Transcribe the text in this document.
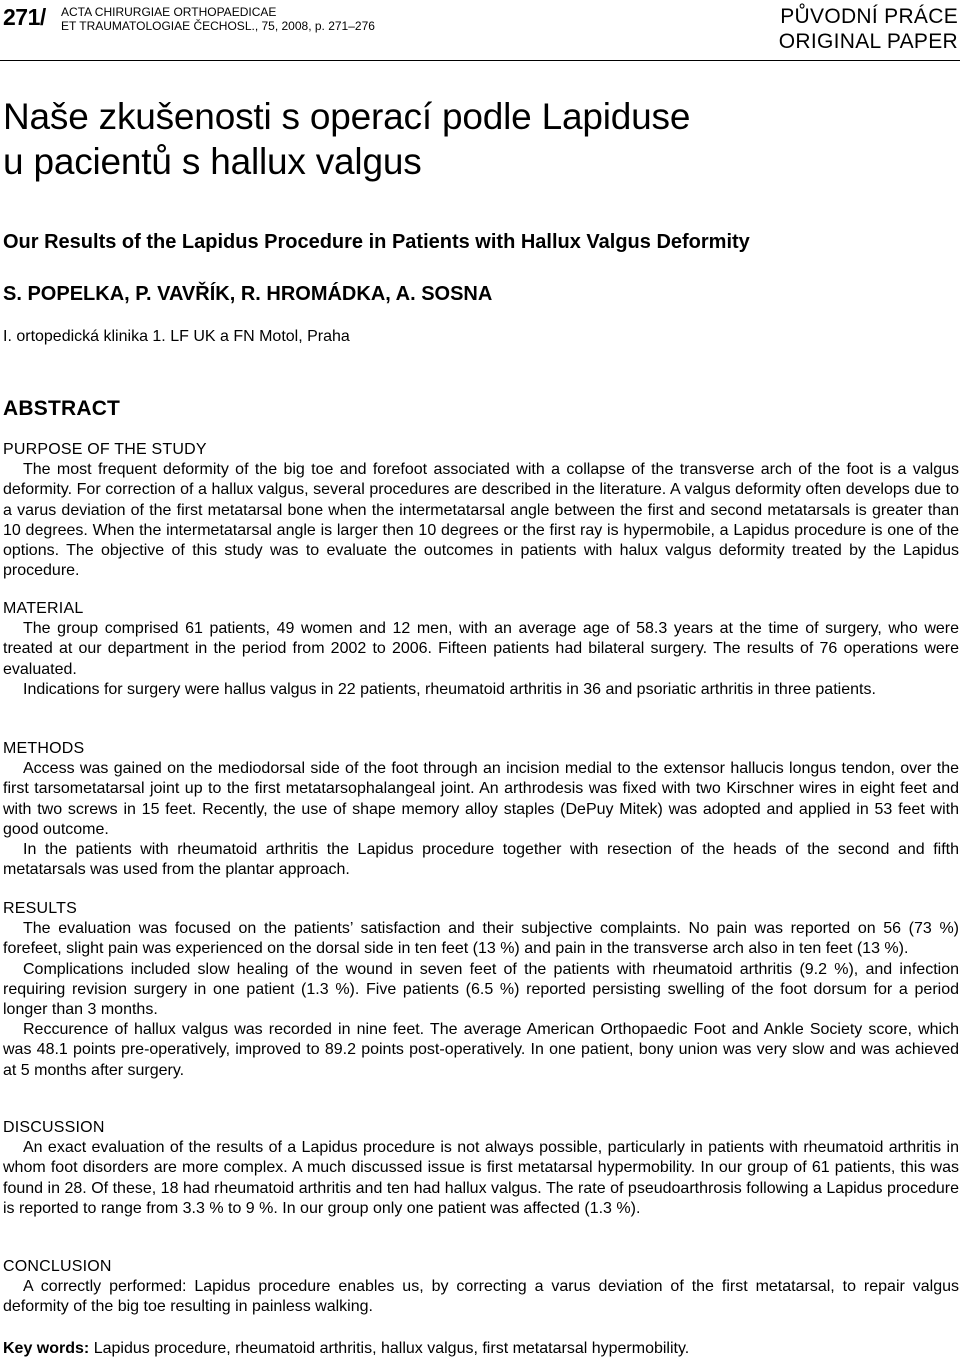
271/ ACTA CHIRURGIAE ORTHOPAEDICAE
ET TRAUMATOLOGIAE ČECHOSL., 75, 2008, p. 271–276	PŮVODNÍ PRÁCE
ORIGINAL PAPER
Naše zkušenosti s operací podle Lapiduse
u pacientů s hallux valgus
Our Results of the Lapidus Procedure in Patients with Hallux Valgus Deformity
S. POPELKA, P. VAVŘÍK, R. HROMÁDKA, A. SOSNA
I. ortopedická klinika 1. LF UK a FN Motol, Praha
ABSTRACT
PURPOSE OF THE STUDY
The most frequent deformity of the big toe and forefoot associated with a collapse of the transverse arch of the foot is a valgus deformity. For correction of a hallux valgus, several procedures are described in the literature. A valgus deformity often develops due to a varus deviation of the first metatarsal bone when the intermetatarsal angle between the first and second metatarsals is greater than 10 degrees. When the intermetatarsal angle is larger then 10 degrees or the first ray is hypermobile, a Lapidus procedure is one of the options. The objective of this study was to evaluate the outcomes in patients with halux valgus deformity treated by the Lapidus procedure.
MATERIAL
The group comprised 61 patients, 49 women and 12 men, with an average age of 58.3 years at the time of surgery, who were treated at our department in the period from 2002 to 2006. Fifteen patients had bilateral surgery. The results of 76 operations were evaluated.
Indications for surgery were hallus valgus in 22 patients, rheumatoid arthritis in 36 and psoriatic arthritis in three patients.
METHODS
Access was gained on the mediodorsal side of the foot through an incision medial to the extensor hallucis longus tendon, over the first tarsometatarsal joint up to the first metatarsophalangeal joint. An arthrodesis was fixed with two Kirschner wires in eight feet and with two screws in 15 feet. Recently, the use of shape memory alloy staples (DePuy Mitek) was adopted and applied in 53 feet with good outcome.
In the patients with rheumatoid arthritis the Lapidus procedure together with resection of the heads of the second and fifth metatarsals was used from the plantar approach.
RESULTS
The evaluation was focused on the patients’ satisfaction and their subjective complaints. No pain was reported on 56 (73 %) forefeet, slight pain was experienced on the dorsal side in ten feet (13 %) and pain in the transverse arch also in ten feet (13 %).
Complications included slow healing of the wound in seven feet of the patients with rheumatoid arthritis (9.2 %), and infection requiring revision surgery in one patient (1.3 %). Five patients (6.5 %) reported persisting swelling of the foot dorsum for a period longer than 3 months.
Reccurence of hallux valgus was recorded in nine feet. The average American Orthopaedic Foot and Ankle Society score, which was 48.1 points pre-operatively, improved to 89.2 points post-operatively. In one patient, bony union was very slow and was achieved at 5 months after surgery.
DISCUSSION
An exact evaluation of the results of a Lapidus procedure is not always possible, particularly in patients with rheumatoid arthritis in whom foot disorders are more complex. A much discussed issue is first metatarsal hypermobility. In our group of 61 patients, this was found in 28. Of these, 18 had rheumatoid arthritis and ten had hallux valgus. The rate of pseudoarthrosis following a Lapidus procedure is reported to range from 3.3 % to 9 %. In our group only one patient was affected (1.3 %).
CONCLUSION
A correctly performed: Lapidus procedure enables us, by correcting a varus deviation of the first metatarsal, to repair valgus deformity of the big toe resulting in painless walking.
Key words: Lapidus procedure, rheumatoid arthritis, hallux valgus, first metatarsal hypermobility.
